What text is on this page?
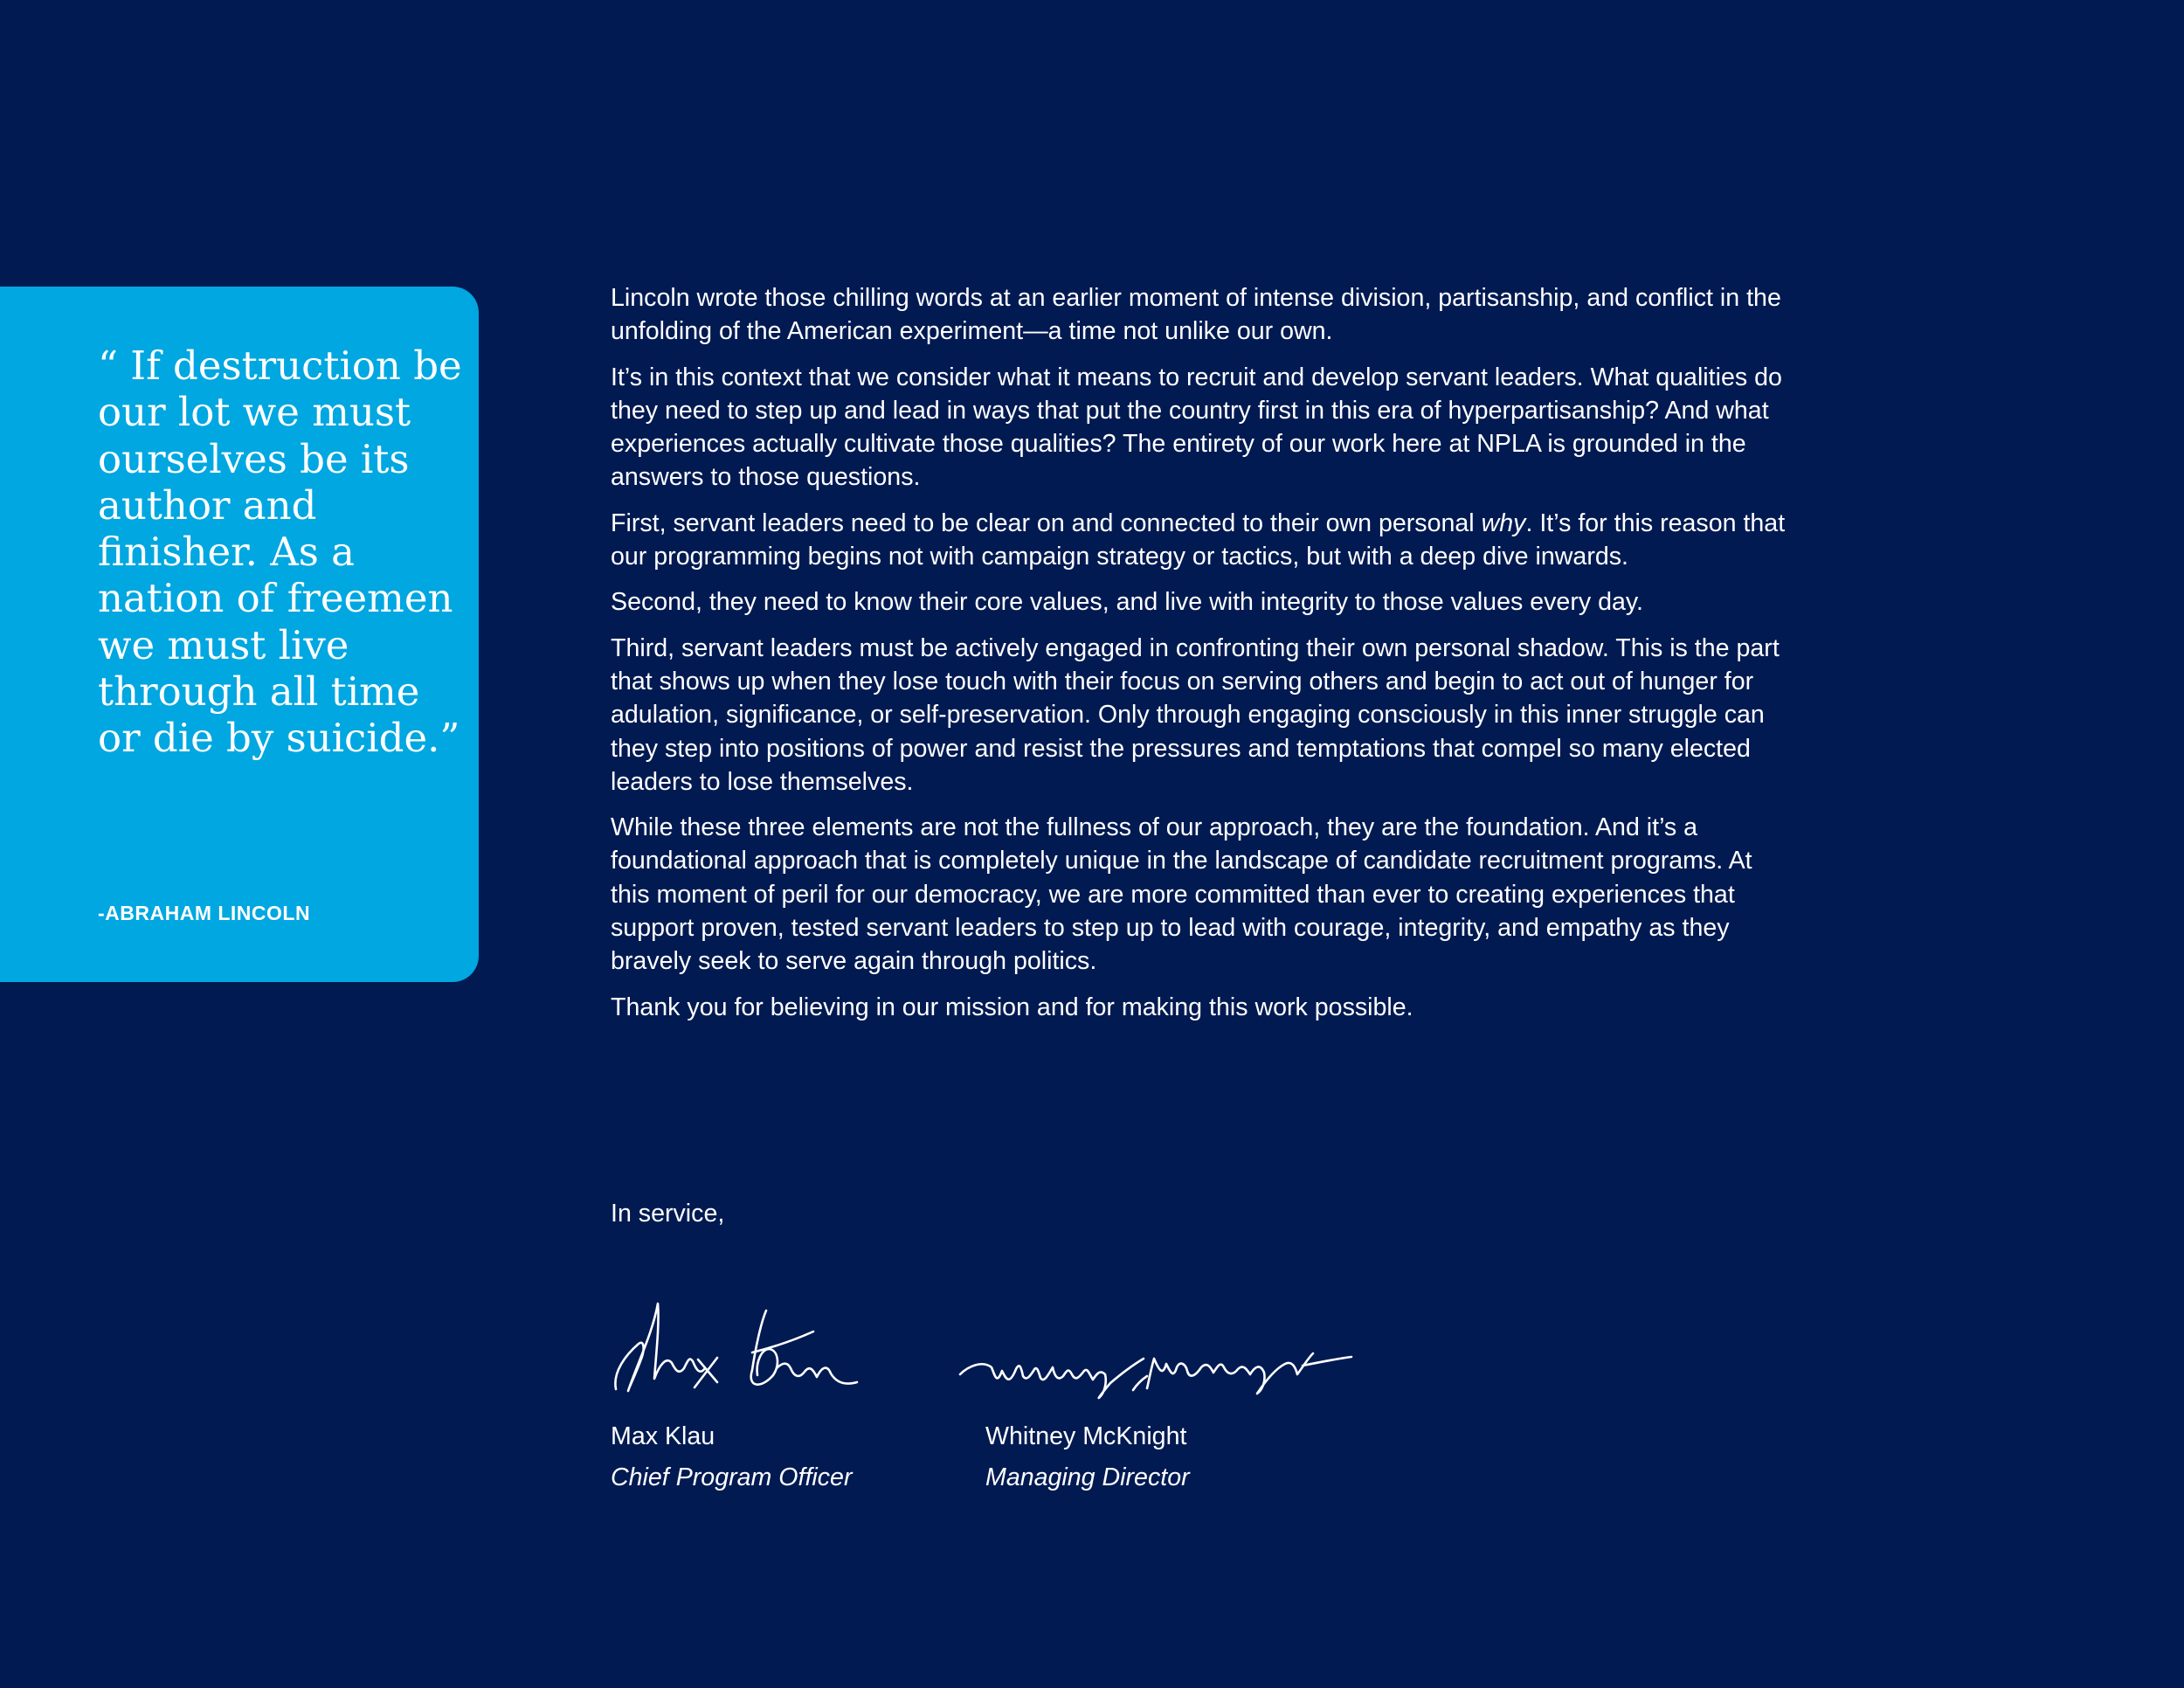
“ If destruction be our lot we must ourselves be its author and finisher. As a nation of freemen we must live through all time or die by suicide.”

-ABRAHAM LINCOLN

Lincoln wrote those chilling words at an earlier moment of intense division, partisanship, and conflict in the unfolding of the American experiment—a time not unlike our own.

It’s in this context that we consider what it means to recruit and develop servant leaders. What qualities do they need to step up and lead in ways that put the country first in this era of hyperpartisanship? And what experiences actually cultivate those qualities? The entirety of our work here at NPLA is grounded in the answers to those questions.

First, servant leaders need to be clear on and connected to their own personal why. It’s for this reason that our programming begins not with campaign strategy or tactics, but with a deep dive inwards.

Second, they need to know their core values, and live with integrity to those values every day.

Third, servant leaders must be actively engaged in confronting their own personal shadow. This is the part that shows up when they lose touch with their focus on serving others and begin to act out of hunger for adulation, significance, or self-preservation. Only through engaging consciously in this inner struggle can they step into positions of power and resist the pressures and temptations that compel so many elected leaders to lose themselves.

While these three elements are not the fullness of our approach, they are the foundation. And it’s a foundational approach that is completely unique in the landscape of candidate recruitment programs. At this moment of peril for our democracy, we are more committed than ever to creating experiences that support proven, tested servant leaders to step up to lead with courage, integrity, and empathy as they bravely seek to serve again through politics.

Thank you for believing in our mission and for making this work possible.

In service,

Max Klau

Chief Program Officer

Whitney McKnight

Managing Director
